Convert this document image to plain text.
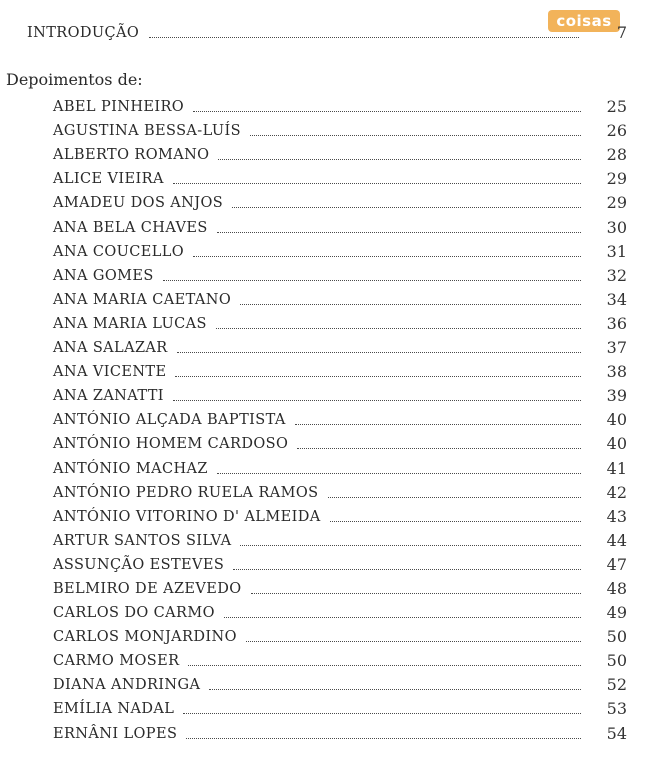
coisas
INTRODUÇÃO	7
Depoimentos de:
ABEL PINHEIRO	25
AGUSTINA BESSA-LUÍS	26
ALBERTO ROMANO	28
ALICE VIEIRA	29
AMADEU DOS ANJOS	29
ANA BELA CHAVES	30
ANA COUCELLO	31
ANA GOMES	32
ANA MARIA CAETANO	34
ANA MARIA LUCAS	36
ANA SALAZAR	37
ANA VICENTE	38
ANA ZANATTI	39
ANTÓNIO ALÇADA BAPTISTA	40
ANTÓNIO HOMEM CARDOSO	40
ANTÓNIO MACHAZ	41
ANTÓNIO PEDRO RUELA RAMOS	42
ANTÓNIO VITORINO D' ALMEIDA	43
ARTUR SANTOS SILVA	44
ASSUNÇÃO ESTEVES	47
BELMIRO DE AZEVEDO	48
CARLOS DO CARMO	49
CARLOS MONJARDINO	50
CARMO MOSER	50
DIANA ANDRINGA	52
EMÍLIA NADAL	53
ERNÂNI LOPES	54
